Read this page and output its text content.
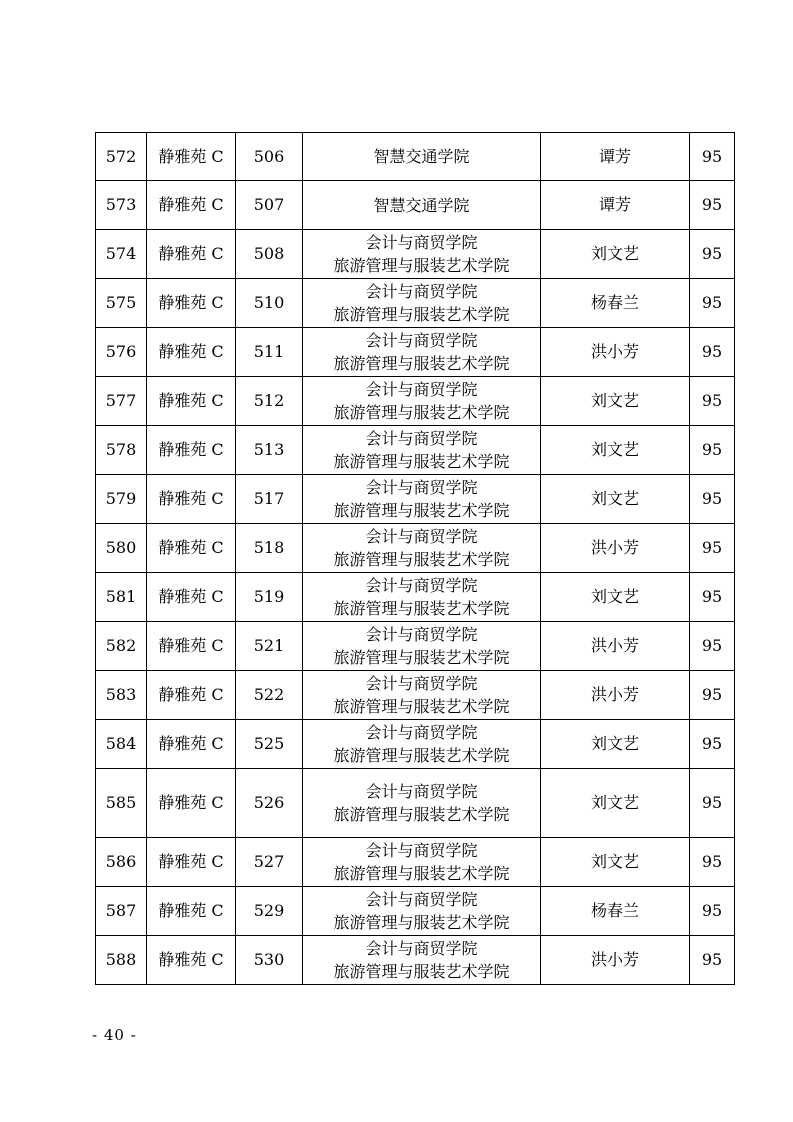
572	静雅苑 C	506	智慧交通学院	谭芳	95
573	静雅苑 C	507	智慧交通学院	谭芳	95
574	静雅苑 C	508	会计与商贸学院
旅游管理与服装艺术学院	刘文艺	95
575	静雅苑 C	510	会计与商贸学院
旅游管理与服装艺术学院	杨春兰	95
576	静雅苑 C	511	会计与商贸学院
旅游管理与服装艺术学院	洪小芳	95
577	静雅苑 C	512	会计与商贸学院
旅游管理与服装艺术学院	刘文艺	95
578	静雅苑 C	513	会计与商贸学院
旅游管理与服装艺术学院	刘文艺	95
579	静雅苑 C	517	会计与商贸学院
旅游管理与服装艺术学院	刘文艺	95
580	静雅苑 C	518	会计与商贸学院
旅游管理与服装艺术学院	洪小芳	95
581	静雅苑 C	519	会计与商贸学院
旅游管理与服装艺术学院	刘文艺	95
582	静雅苑 C	521	会计与商贸学院
旅游管理与服装艺术学院	洪小芳	95
583	静雅苑 C	522	会计与商贸学院
旅游管理与服装艺术学院	洪小芳	95
584	静雅苑 C	525	会计与商贸学院
旅游管理与服装艺术学院	刘文艺	95
585	静雅苑 C	526	会计与商贸学院
旅游管理与服装艺术学院	刘文艺	95
586	静雅苑 C	527	会计与商贸学院
旅游管理与服装艺术学院	刘文艺	95
587	静雅苑 C	529	会计与商贸学院
旅游管理与服装艺术学院	杨春兰	95
588	静雅苑 C	530	会计与商贸学院
旅游管理与服装艺术学院	洪小芳	95
- 40 -
